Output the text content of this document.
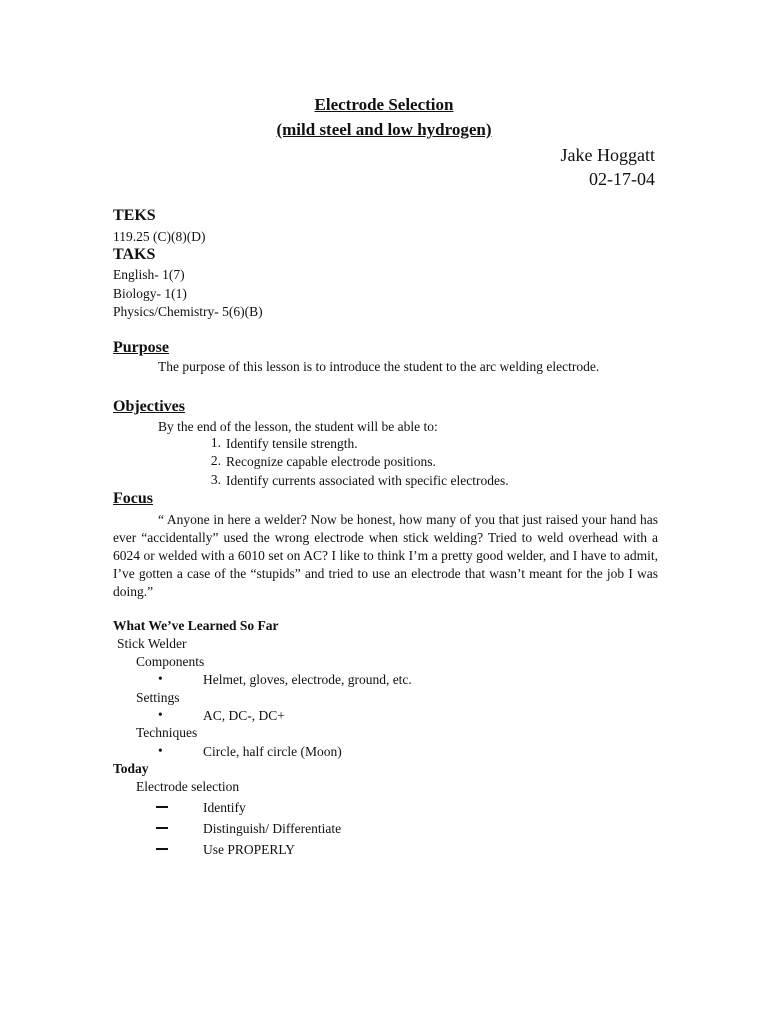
Electrode Selection
(mild steel and low hydrogen)
Jake Hoggatt
02-17-04
TEKS
119.25 (C)(8)(D)
TAKS
English- 1(7)
Biology- 1(1)
Physics/Chemistry- 5(6)(B)
Purpose
The purpose of this lesson is to introduce the student to the arc welding electrode.
Objectives
By the end of the lesson, the student will be able to:
1. Identify tensile strength.
2. Recognize capable electrode positions.
3. Identify currents associated with specific electrodes.
Focus
“ Anyone in here a welder? Now be honest, how many of you that just raised your hand has ever “accidentally” used the wrong electrode when stick welding? Tried to weld overhead with a 6024 or welded with a 6010 set on AC? I like to think I’m a pretty good welder, and I have to admit, I’ve gotten a case of the “stupids” and tried to use an electrode that wasn’t meant for the job I was doing.”
What We’ve Learned So Far
Stick Welder
Components
•	Helmet, gloves, electrode, ground, etc.
Settings
•	AC, DC-, DC+
Techniques
•	Circle, half circle (Moon)
Today
Electrode selection
Identify
Distinguish/ Differentiate
Use PROPERLY
